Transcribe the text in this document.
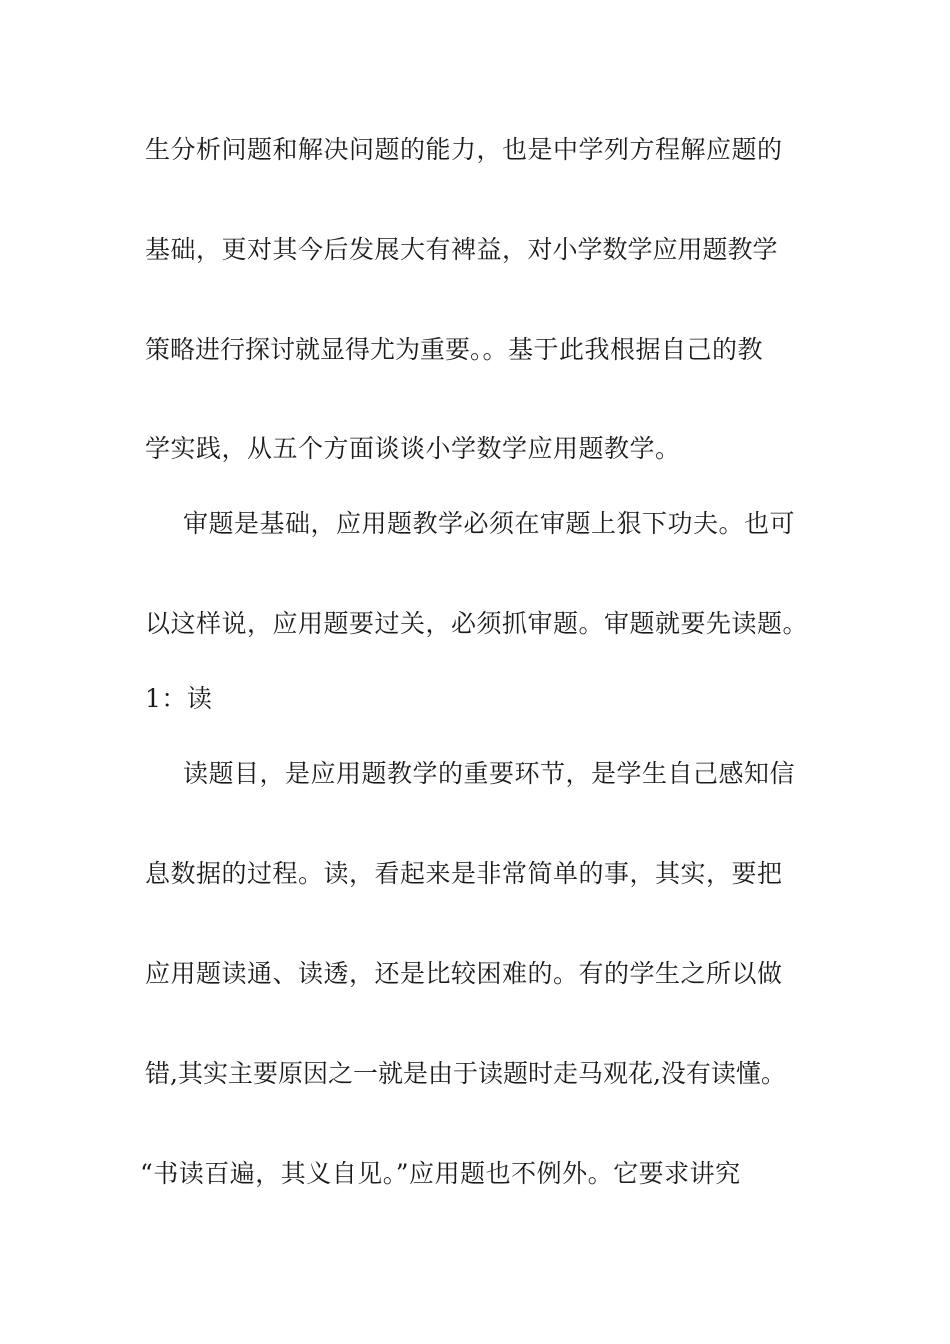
生分析问题和解决问题的能力，也是中学列方程解应题的
基础，更对其今后发展大有裨益，对小学数学应用题教学
策略进行探讨就显得尤为重要。。基于此我根据自己的教
学实践，从五个方面谈谈小学数学应用题教学。
审题是基础，应用题教学必须在审题上狠下功夫。也可
以这样说，应用题要过关，必须抓审题。审题就要先读题。
1：读
读题目，是应用题教学的重要环节，是学生自己感知信
息数据的过程。读，看起来是非常简单的事，其实，要把
应用题读通、读透，还是比较困难的。有的学生之所以做
错,其实主要原因之一就是由于读题时走马观花,没有读懂。
“书读百遍，其义自见。”应用题也不例外。它要求讲究
